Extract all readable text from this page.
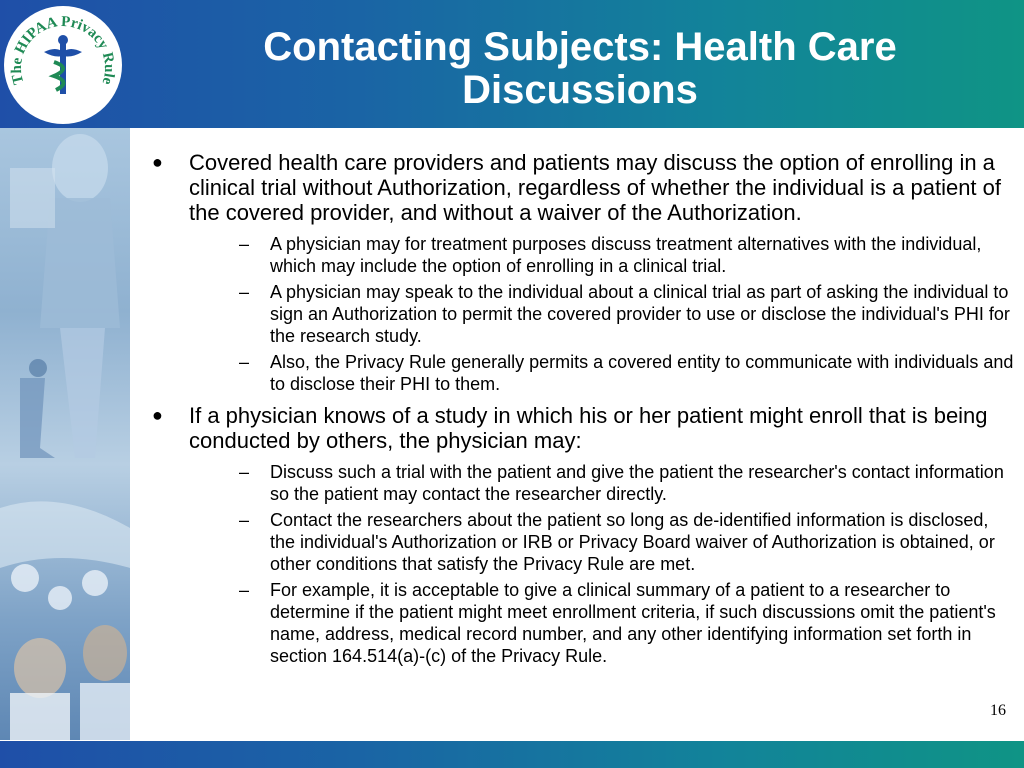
The HIPAA Privacy Rule
Contacting Subjects: Health Care
Discussions
● Covered health care providers and patients may discuss the option of enrolling in a clinical trial without Authorization, regardless of whether the individual is a patient of the covered provider, and without a waiver of the Authorization.
– A physician may for treatment purposes discuss treatment alternatives with the individual, which may include the option of enrolling in a clinical trial.
– A physician may speak to the individual about a clinical trial as part of asking the individual to sign an Authorization to permit the covered provider to use or disclose the individual's PHI for the research study.
– Also, the Privacy Rule generally permits a covered entity to communicate with individuals and to disclose their PHI to them.
● If a physician knows of a study in which his or her patient might enroll that is being conducted by others, the physician may:
– Discuss such a trial with the patient and give the patient the researcher's contact information so the patient may contact the researcher directly.
– Contact the researchers about the patient so long as de-identified information is disclosed, the individual's Authorization or IRB or Privacy Board waiver of Authorization is obtained, or other conditions that satisfy the Privacy Rule are met.
– For example, it is acceptable to give a clinical summary of a patient to a researcher to determine if the patient might meet enrollment criteria, if such discussions omit the patient's name, address, medical record number, and any other identifying information set forth in section 164.514(a)-(c) of the Privacy Rule.
16
